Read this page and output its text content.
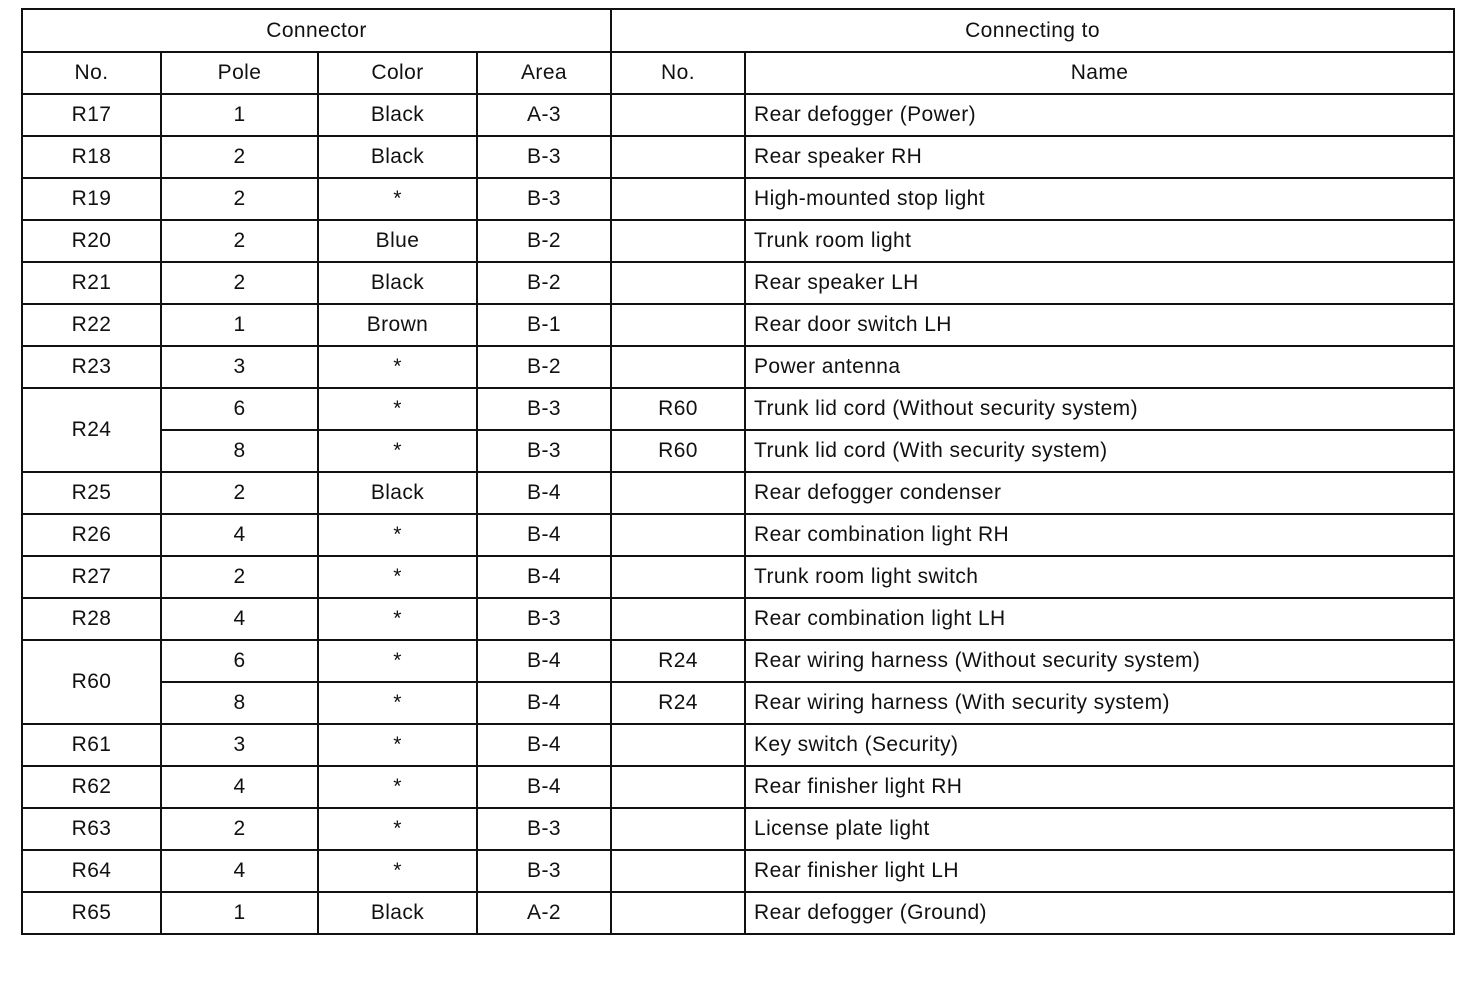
Connector				Connecting to	
No.	Pole	Color	Area	No.	Name
R17	1	Black	A-3		Rear defogger (Power)
R18	2	Black	B-3		Rear speaker RH
R19	2	*	B-3		High-mounted stop light
R20	2	Blue	B-2		Trunk room light
R21	2	Black	B-2		Rear speaker LH
R22	1	Brown	B-1		Rear door switch LH
R23	3	*	B-2		Power antenna
R24	6	*	B-3	R60	Trunk lid cord (Without security system)
	8	*	B-3	R60	Trunk lid cord (With security system)
R25	2	Black	B-4		Rear defogger condenser
R26	4	*	B-4		Rear combination light RH
R27	2	*	B-4		Trunk room light switch
R28	4	*	B-3		Rear combination light LH
R60	6	*	B-4	R24	Rear wiring harness (Without security system)
	8	*	B-4	R24	Rear wiring harness (With security system)
R61	3	*	B-4		Key switch (Security)
R62	4	*	B-4		Rear finisher light RH
R63	2	*	B-3		License plate light
R64	4	*	B-3		Rear finisher light LH
R65	1	Black	A-2		Rear defogger (Ground)
